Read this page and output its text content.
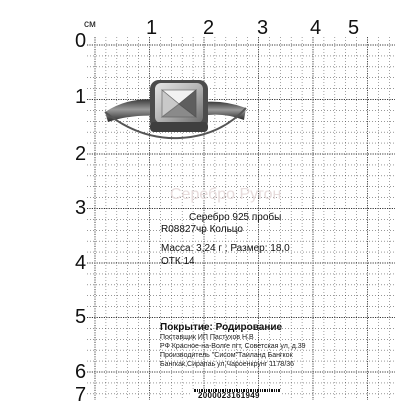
см
0
1 2 3 4 5
1
2
3
4
5
6
7
Серебро Ругон
Серебро 925 пробы
R08827чр Кольцо
Масса: 3,24 г ; Размер: 18,0
ОТК 14
Покрытие: Родирование
Поставщик ИП Пастухов Н.В
РФ Красное-на-Волге пгт, Советская ул, д.39
Производитель "Сисом"Таиланд Бангкок
Бангкак,Сирапаь ул,Чароенкрунг 1178/36
2000023161949
